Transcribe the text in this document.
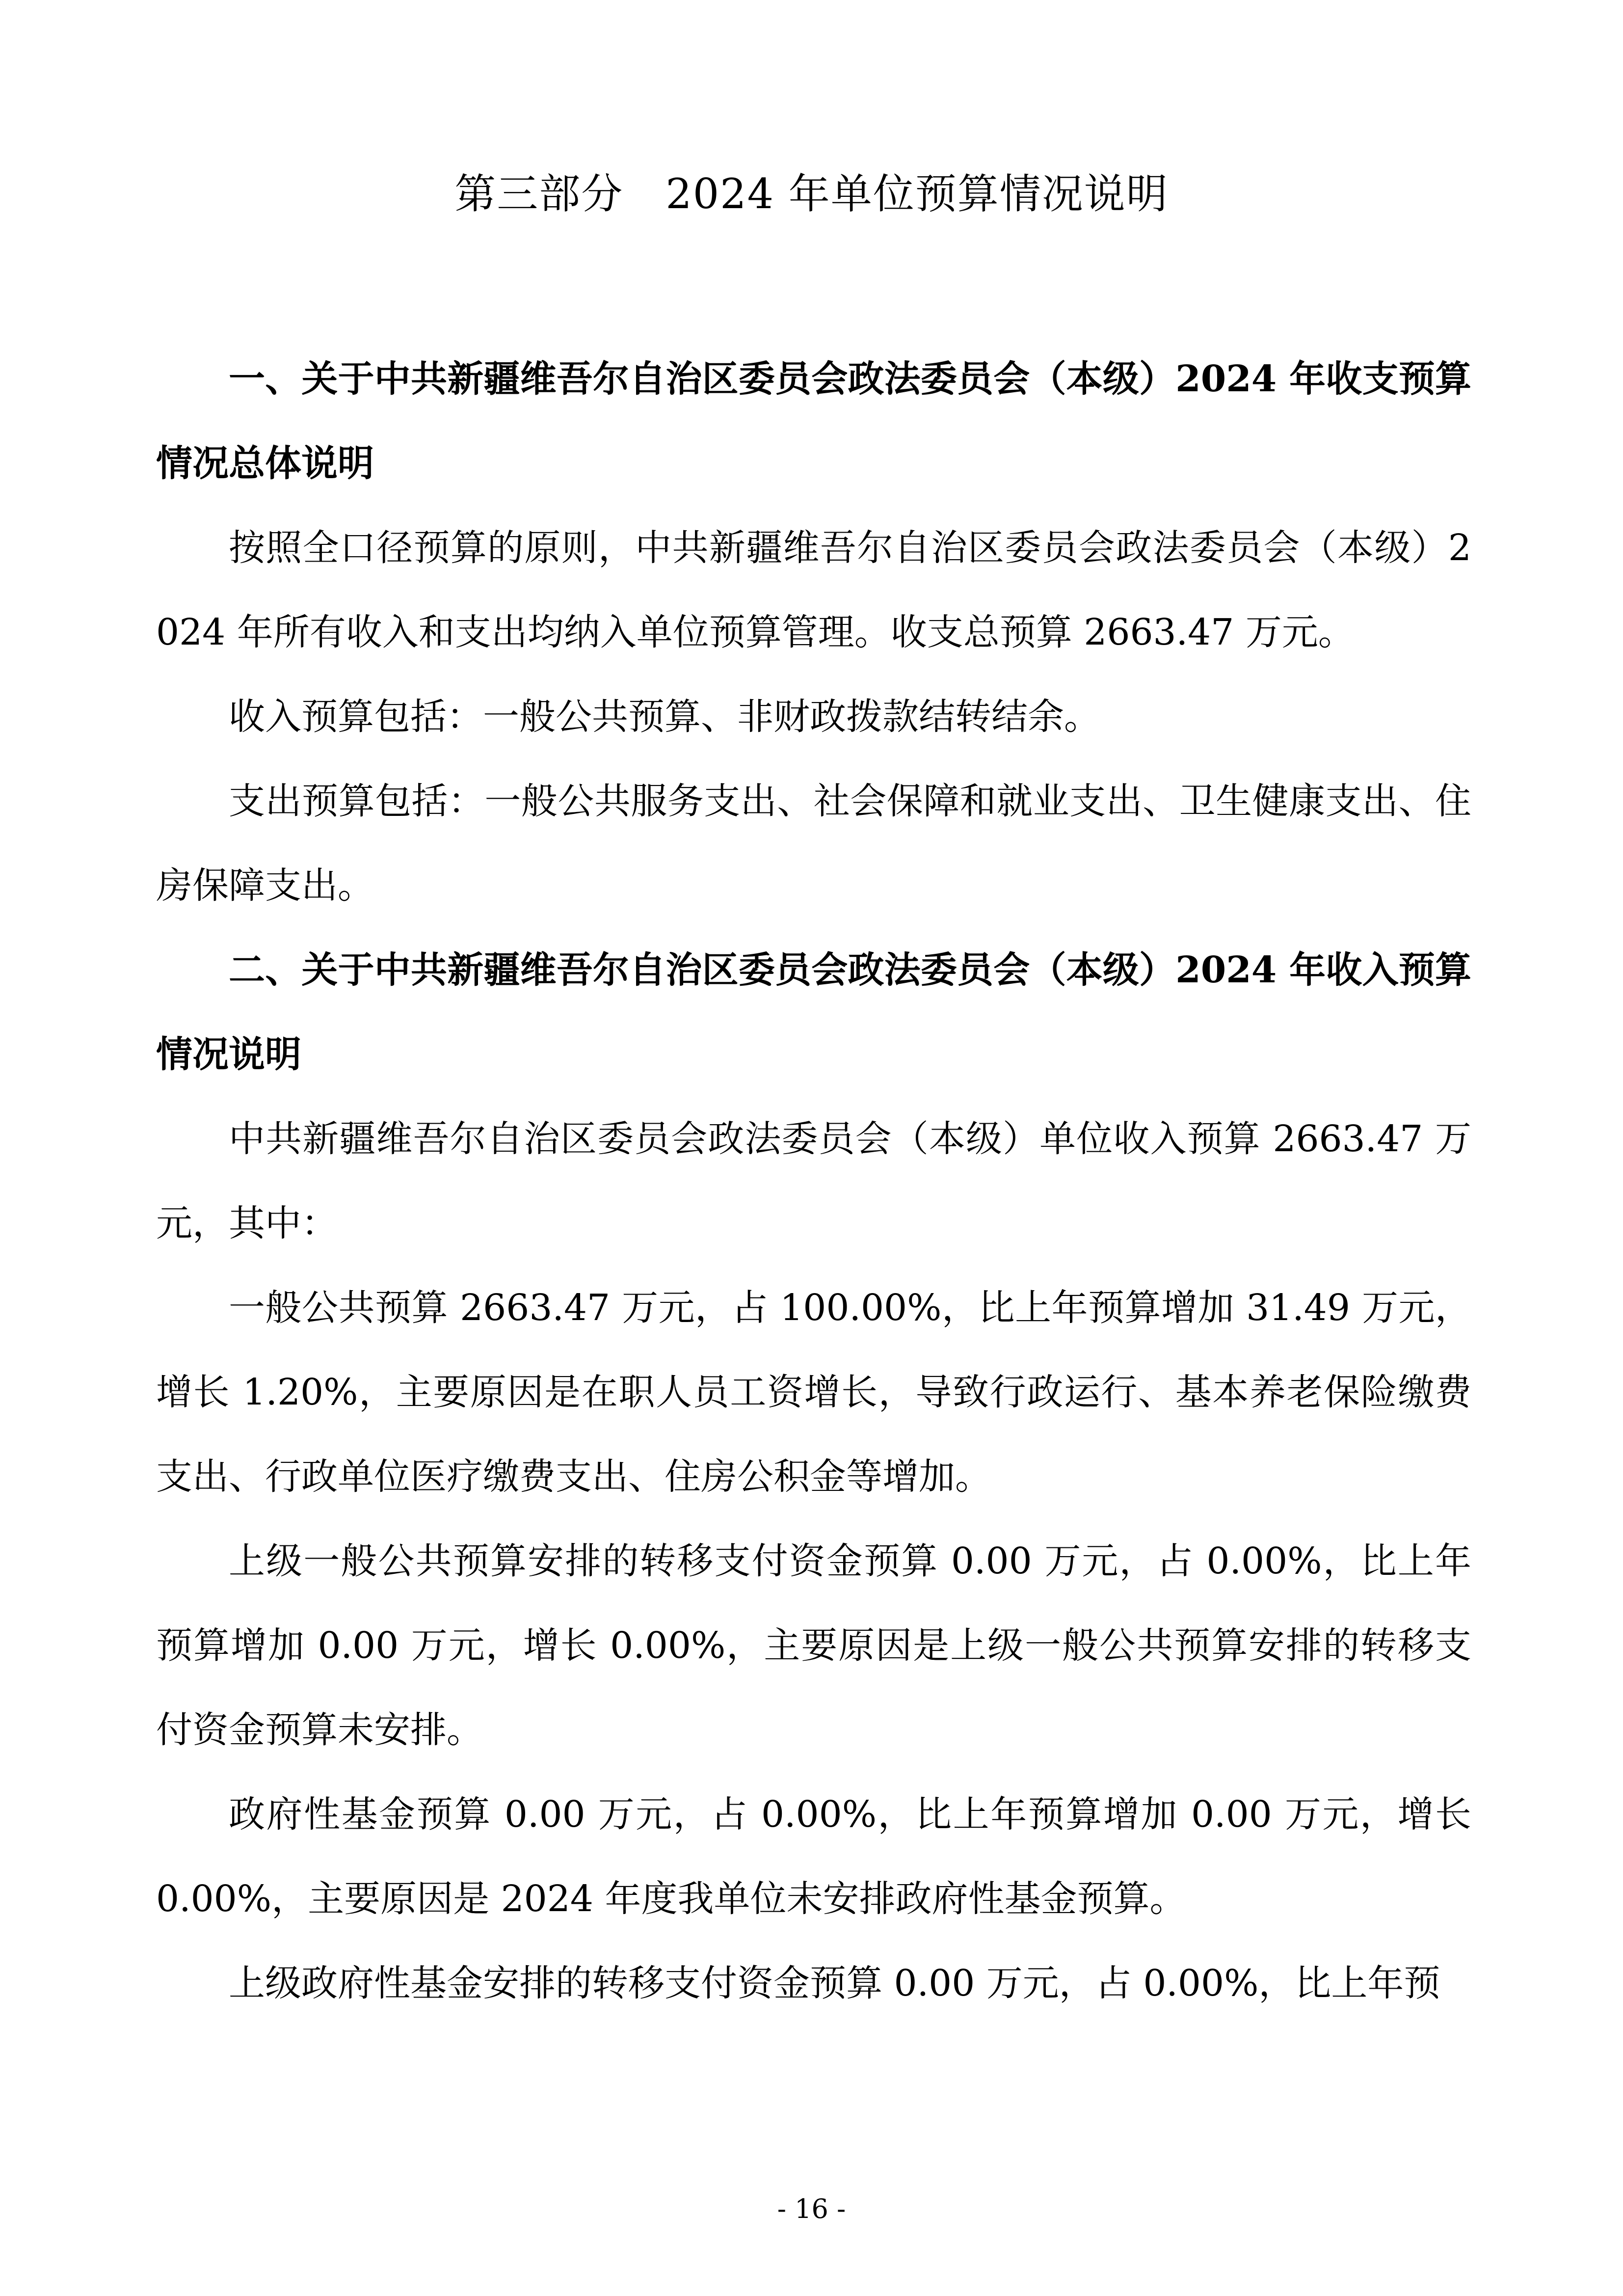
第三部分　2024 年单位预算情况说明

一、关于中共新疆维吾尔自治区委员会政法委员会（本级）2024 年收支预算情况总体说明

按照全口径预算的原则，中共新疆维吾尔自治区委员会政法委员会（本级）2024 年所有收入和支出均纳入单位预算管理。收支总预算 2663.47 万元。

收入预算包括：一般公共预算、非财政拨款结转结余。

支出预算包括：一般公共服务支出、社会保障和就业支出、卫生健康支出、住房保障支出。

二、关于中共新疆维吾尔自治区委员会政法委员会（本级）2024 年收入预算情况说明

中共新疆维吾尔自治区委员会政法委员会（本级）单位收入预算 2663.47 万元，其中：

一般公共预算 2663.47 万元，占 100.00%，比上年预算增加 31.49 万元，增长 1.20%，主要原因是在职人员工资增长，导致行政运行、基本养老保险缴费支出、行政单位医疗缴费支出、住房公积金等增加。

上级一般公共预算安排的转移支付资金预算 0.00 万元，占 0.00%，比上年预算增加 0.00 万元，增长 0.00%，主要原因是上级一般公共预算安排的转移支付资金预算未安排。

政府性基金预算 0.00 万元，占 0.00%，比上年预算增加 0.00 万元，增长 0.00%，主要原因是 2024 年度我单位未安排政府性基金预算。

上级政府性基金安排的转移支付资金预算 0.00 万元，占 0.00%，比上年预

- 16 -
